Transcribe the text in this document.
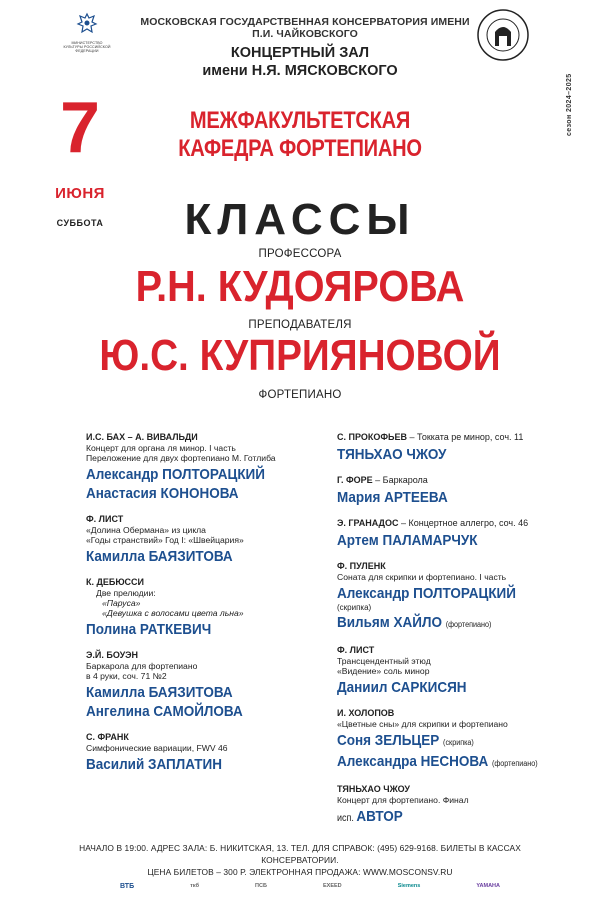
МИНИСТЕРСТВО КУЛЬТУРЫ РОССИЙСКОЙ ФЕДЕРАЦИИ
МОСКОВСКАЯ ГОСУДАРСТВЕННАЯ КОНСЕРВАТОРИЯ ИМЕНИ П.И. ЧАЙКОВСКОГО
сезон 2024–2025
КОНЦЕРТНЫЙ ЗАЛ
имени Н.Я. МЯСКОВСКОГО
7
ИЮНЯ
СУББОТА
МЕЖФАКУЛЬТЕТСКАЯ
КАФЕДРА ФОРТЕПИАНО
КЛАССЫ
ПРОФЕССОРА
Р.Н. КУДОЯРОВА
ПРЕПОДАВАТЕЛЯ
Ю.С. КУПРИЯНОВОЙ
ФОРТЕПИАНО
И.С. БАХ – А. ВИВАЛЬДИ
Концерт для органа ля минор. I часть
Переложение для двух фортепиано М. Готлиба
Александр ПОЛТОРАЦКИЙ
Анастасия КОНОНОВА
Ф. ЛИСТ
«Долина Обермана» из цикла
«Годы странствий» Год I: «Швейцария»
Камилла БАЯЗИТОВА
К. ДЕБЮССИ
Две прелюдии:
«Паруса»
«Девушка с волосами цвета льна»
Полина РАТКЕВИЧ
Э.Й. БОУЭН
Баркарола для фортепиано
в 4 руки, соч. 71 №2
Камилла БАЯЗИТОВА
Ангелина САМОЙЛОВА
С. ФРАНК
Симфонические вариации, FWV 46
Василий ЗАПЛАТИН
С. ПРОКОФЬЕВ – Токката ре минор, соч. 11
ТЯНЬХАО ЧЖОУ
Г. ФОРЕ – Баркарола
Мария АРТЕЕВА
Э. ГРАНАДОС – Концертное аллегро, соч. 46
Артем ПАЛАМАРЧУК
Ф. ПУЛЕНК
Соната для скрипки и фортепиано. I часть
Александр ПОЛТОРАЦКИЙ
(скрипка)
Вильям ХАЙЛО (фортепиано)
Ф. ЛИСТ
Трансцендентный этюд
«Видение» соль минор
Даниил САРКИСЯН
И. ХОЛОПОВ
«Цветные сны» для скрипки и фортепиано
Соня ЗЕЛЬЦЕР (скрипка)
Александра НЕСНОВА (фортепиано)
ТЯНЬХАО ЧЖОУ
Концерт для фортепиано. Финал
исп. АВТОР
НАЧАЛО В 19:00. АДРЕС ЗАЛА: Б. НИКИТСКАЯ, 13. ТЕЛ. ДЛЯ СПРАВОК: (495) 629-9168. БИЛЕТЫ В КАССАХ КОНСЕРВАТОРИИ.
ЦЕНА БИЛЕТОВ – 300 Р. ЭЛЕКТРОННАЯ ПРОДАЖА: WWW.MOSCONSV.RU
ВТБ	ткб	ПСБ	EXEED	Siemens	YAMAHA
